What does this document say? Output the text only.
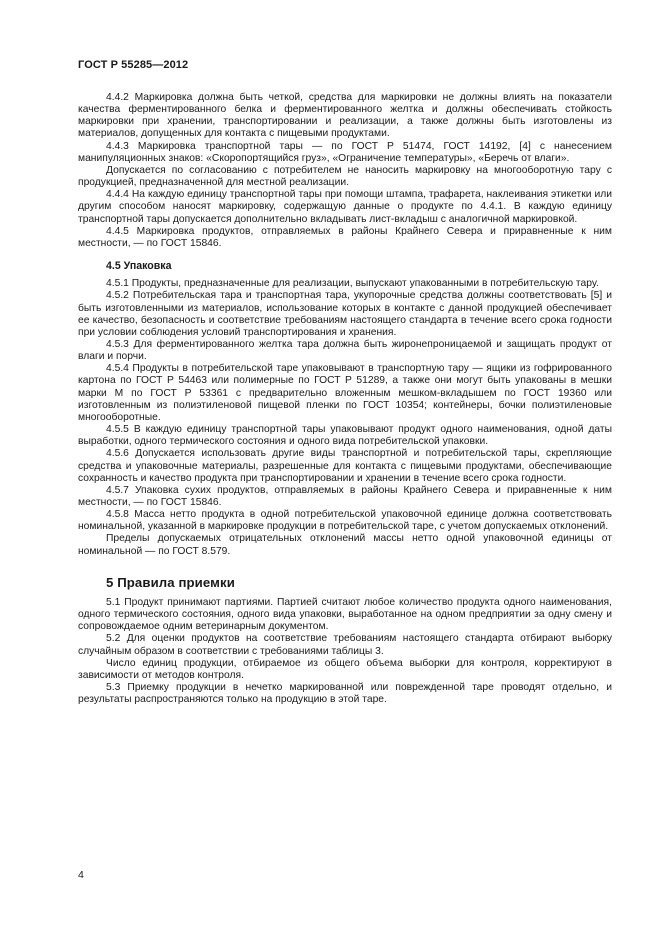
ГОСТ Р 55285—2012

4.4.2 Маркировка должна быть четкой, средства для маркировки не должны влиять на показатели качества ферментированного белка и ферментированного желтка и должны обеспечивать стойкость маркировки при хранении, транспортировании и реализации, а также должны быть изготовлены из материалов, допущенных для контакта с пищевыми продуктами.

4.4.3 Маркировка транспортной тары — по ГОСТ Р 51474, ГОСТ 14192, [4] с нанесением манипуляционных знаков: «Скоропортящийся груз», «Ограничение температуры», «Беречь от влаги».

Допускается по согласованию с потребителем не наносить маркировку на многооборотную тару с продукцией, предназначенной для местной реализации.

4.4.4 На каждую единицу транспортной тары при помощи штампа, трафарета, наклеивания этикетки или другим способом наносят маркировку, содержащую данные о продукте по 4.4.1. В каждую единицу транспортной тары допускается дополнительно вкладывать лист-вкладыш с аналогичной маркировкой.

4.4.5 Маркировка продуктов, отправляемых в районы Крайнего Севера и приравненные к ним местности, — по ГОСТ 15846.

4.5 Упаковка

4.5.1 Продукты, предназначенные для реализации, выпускают упакованными в потребительскую тару.

4.5.2 Потребительская тара и транспортная тара, укупорочные средства должны соответствовать [5] и быть изготовленными из материалов, использование которых в контакте с данной продукцией обеспечивает ее качество, безопасность и соответствие требованиям настоящего стандарта в течение всего срока годности при условии соблюдения условий транспортирования и хранения.

4.5.3 Для ферментированного желтка тара должна быть жиронепроницаемой и защищать продукт от влаги и порчи.

4.5.4 Продукты в потребительской таре упаковывают в транспортную тару — ящики из гофрированного картона по ГОСТ Р 54463 или полимерные по ГОСТ Р 51289, а также они могут быть упакованы в мешки марки М по ГОСТ Р 53361 с предварительно вложенным мешком-вкладышем по ГОСТ 19360 или изготовленным из полиэтиленовой пищевой пленки по ГОСТ 10354; контейнеры, бочки полиэтиленовые многооборотные.

4.5.5 В каждую единицу транспортной тары упаковывают продукт одного наименования, одной даты выработки, одного термического состояния и одного вида потребительской упаковки.

4.5.6 Допускается использовать другие виды транспортной и потребительской тары, скрепляющие средства и упаковочные материалы, разрешенные для контакта с пищевыми продуктами, обеспечивающие сохранность и качество продукта при транспортировании и хранении в течение всего срока годности.

4.5.7 Упаковка сухих продуктов, отправляемых в районы Крайнего Севера и приравненные к ним местности, — по ГОСТ 15846.

4.5.8 Масса нетто продукта в одной потребительской упаковочной единице должна соответствовать номинальной, указанной в маркировке продукции в потребительской таре, с учетом допускаемых отклонений.

Пределы допускаемых отрицательных отклонений массы нетто одной упаковочной единицы от номинальной — по ГОСТ 8.579.

5 Правила приемки

5.1 Продукт принимают партиями. Партией считают любое количество продукта одного наименования, одного термического состояния, одного вида упаковки, выработанное на одном предприятии за одну смену и сопровождаемое одним ветеринарным документом.

5.2 Для оценки продуктов на соответствие требованиям настоящего стандарта отбирают выборку случайным образом в соответствии с требованиями таблицы 3.

Число единиц продукции, отбираемое из общего объема выборки для контроля, корректируют в зависимости от методов контроля.

5.3 Приемку продукции в нечетко маркированной или поврежденной таре проводят отдельно, и результаты распространяются только на продукцию в этой таре.

4
